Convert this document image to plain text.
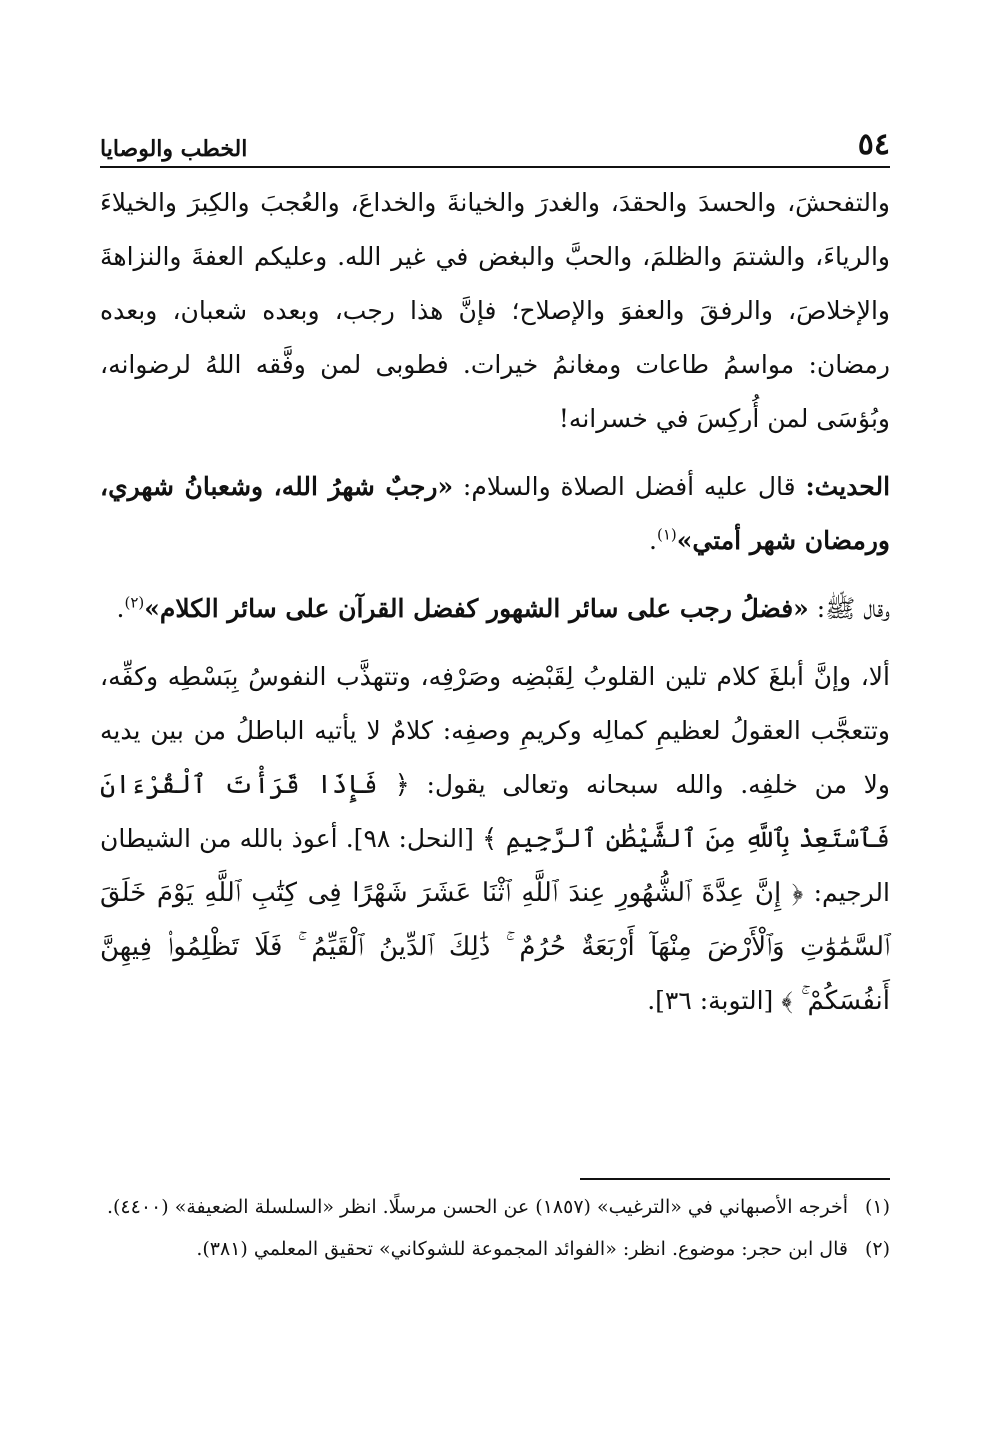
٥٤
الخطب والوصايا

والتفحشَ، والحسدَ والحقدَ، والغدرَ والخيانةَ والخداعَ، والعُجبَ والكِبرَ والخيلاءَ والرياءَ، والشتمَ والظلمَ، والحبَّ والبغض في غير الله. وعليكم العفةَ والنزاهةَ والإخلاصَ، والرفقَ والعفوَ والإصلاح؛ فإنَّ هذا رجب، وبعده شعبان، وبعده رمضان: مواسمُ طاعات ومغانمُ خيرات. فطوبى لمن وفَّقه اللهُ لرضوانه، وبُؤسَى لمن أُركِسَ في خسرانه!

الحديث: قال عليه أفضل الصلاة والسلام: «رجبٌ شهرُ الله، وشعبانُ شهري، ورمضان شهر أمتي»$^{(١)}$.

وقال ﷺ: «فضلُ رجب على سائر الشهور كفضل القرآن على سائر الكلام»$^{(٢)}$.

ألا، وإنَّ أبلغَ كلام تلين القلوبُ لِقَبْضِه وصَرْفِه، وتتهذَّب النفوسُ بِبَسْطِه وكفِّه، وتتعجَّب العقولُ لعظيمِ كمالِه وكريمِ وصفِه: كلامٌ لا يأتيه الباطلُ من بين يديه ولا من خلفِه. والله سبحانه وتعالى يقول: ﴿ فَإِذَا قَرَأْتَ ٱلْقُرْءَانَ فَٱسْتَعِذْ بِٱللَّهِ مِنَ ٱلشَّيْطَٰنِ ٱلرَّجِيمِ ﴾ [النحل: ٩٨]. أعوذ بالله من الشيطان الرجيم: ﴿ إِنَّ عِدَّةَ ٱلشُّهُورِ عِندَ ٱللَّهِ ٱثْنَا عَشَرَ شَهْرًا فِى كِتَٰبِ ٱللَّهِ يَوْمَ خَلَقَ ٱلسَّمَٰوَٰتِ وَٱلْأَرْضَ مِنْهَآ أَرْبَعَةٌ حُرُمٌ ۚ ذَٰلِكَ ٱلدِّينُ ٱلْقَيِّمُ ۚ فَلَا تَظْلِمُوا۟ فِيهِنَّ أَنفُسَكُمْ ۚ ﴾ [التوبة: ٣٦].

(١)
أخرجه الأصبهاني في «الترغيب» (١٨٥٧) عن الحسن مرسلًا. انظر «السلسلة الضعيفة» (٤٤٠٠).
(٢)
قال ابن حجر: موضوع. انظر: «الفوائد المجموعة للشوكاني» تحقيق المعلمي (٣٨١).
